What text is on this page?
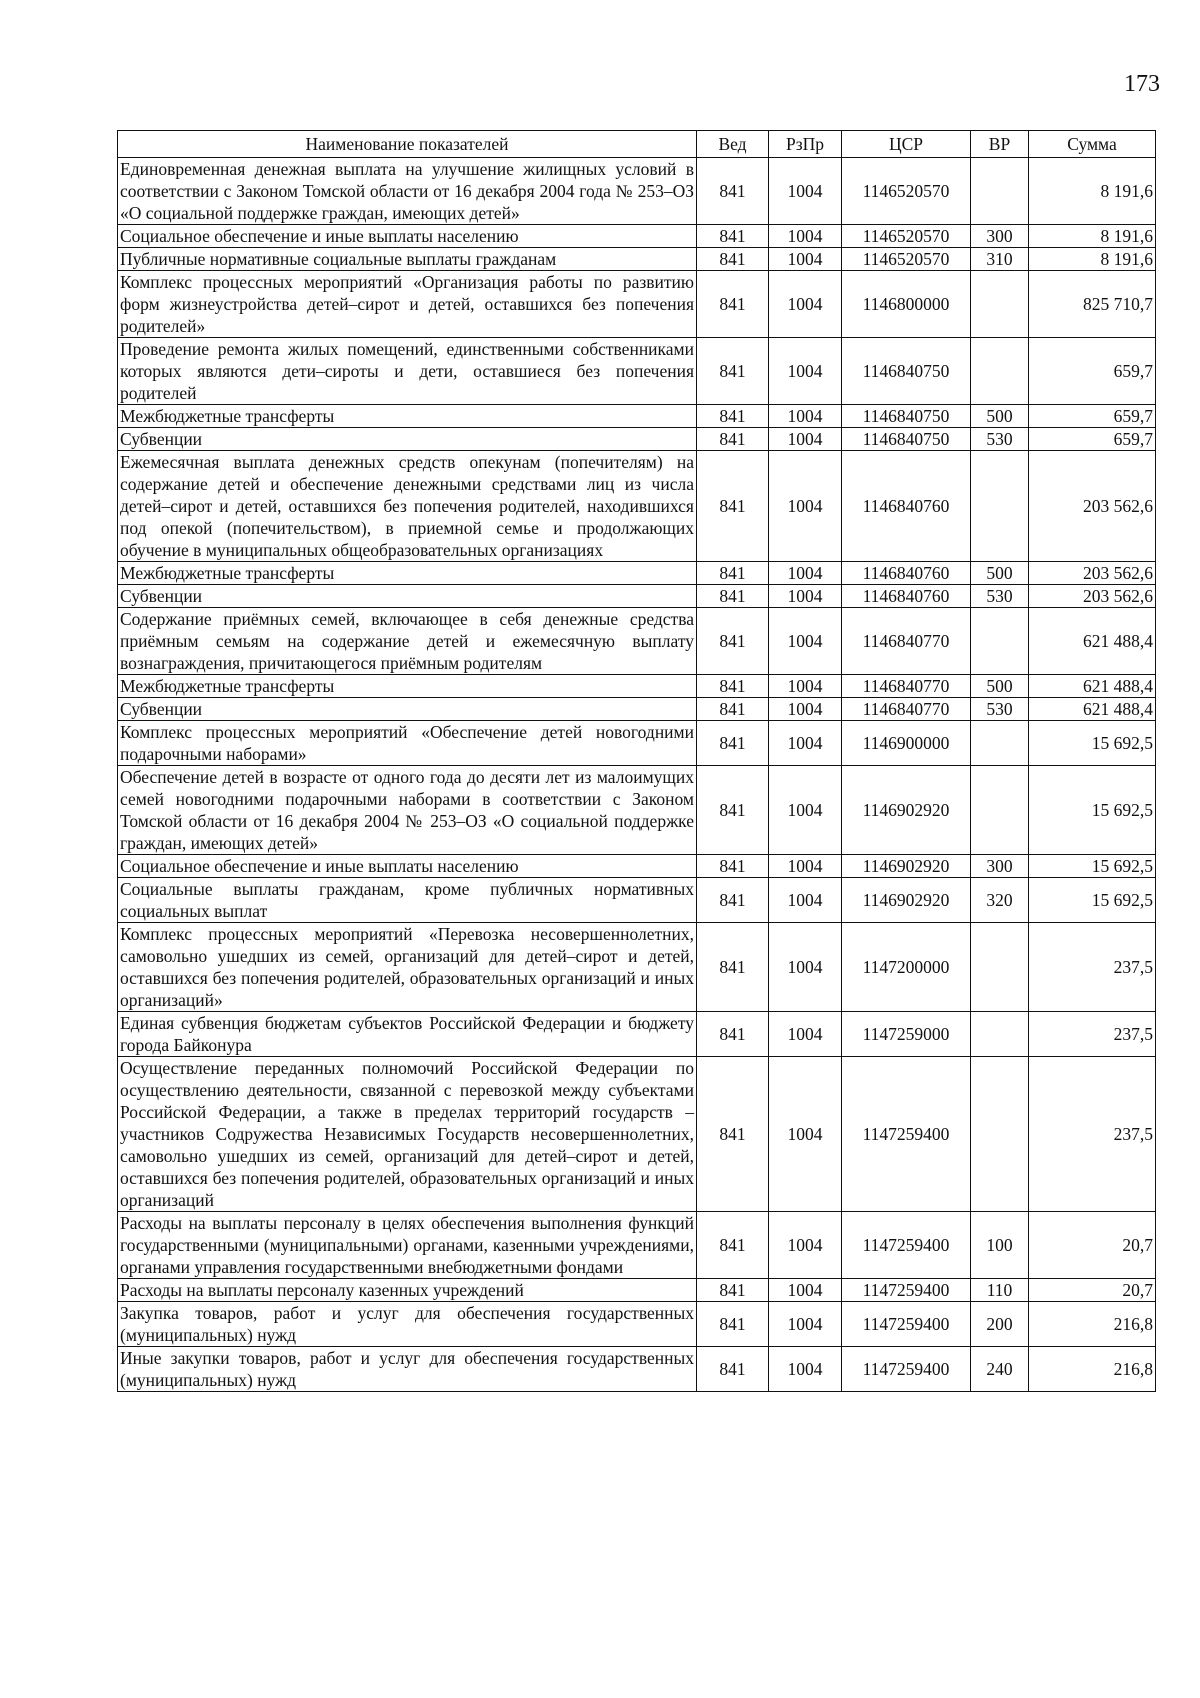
173
Наименование показателей	Вед	РзПр	ЦСР	ВР	Сумма
Единовременная денежная выплата на улучшение жилищных условий в соответствии с Законом Томской области от 16 декабря 2004 года № 253–ОЗ «О социальной поддержке граждан, имеющих детей»	841	1004	1146520570		8 191,6
Социальное обеспечение и иные выплаты населению	841	1004	1146520570	300	8 191,6
Публичные нормативные социальные выплаты гражданам	841	1004	1146520570	310	8 191,6
Комплекс процессных мероприятий «Организация работы по развитию форм жизнеустройства детей–сирот и детей, оставшихся без попечения родителей»	841	1004	1146800000		825 710,7
Проведение ремонта жилых помещений, единственными собственниками которых являются дети–сироты и дети, оставшиеся без попечения родителей	841	1004	1146840750		659,7
Межбюджетные трансферты	841	1004	1146840750	500	659,7
Субвенции	841	1004	1146840750	530	659,7
Ежемесячная выплата денежных средств опекунам (попечителям) на содержание детей и обеспечение денежными средствами лиц из числа детей–сирот и детей, оставшихся без попечения родителей, находившихся под опекой (попечительством), в приемной семье и продолжающих обучение в муниципальных общеобразовательных организациях	841	1004	1146840760		203 562,6
Межбюджетные трансферты	841	1004	1146840760	500	203 562,6
Субвенции	841	1004	1146840760	530	203 562,6
Содержание приёмных семей, включающее в себя денежные средства приёмным семьям на содержание детей и ежемесячную выплату вознаграждения, причитающегося приёмным родителям	841	1004	1146840770		621 488,4
Межбюджетные трансферты	841	1004	1146840770	500	621 488,4
Субвенции	841	1004	1146840770	530	621 488,4
Комплекс процессных мероприятий «Обеспечение детей новогодними подарочными наборами»	841	1004	1146900000		15 692,5
Обеспечение детей в возрасте от одного года до десяти лет из малоимущих семей новогодними подарочными наборами в соответствии с Законом Томской области от 16 декабря 2004 № 253–ОЗ «О социальной поддержке граждан, имеющих детей»	841	1004	1146902920		15 692,5
Социальное обеспечение и иные выплаты населению	841	1004	1146902920	300	15 692,5
Социальные выплаты гражданам, кроме публичных нормативных социальных выплат	841	1004	1146902920	320	15 692,5
Комплекс процессных мероприятий «Перевозка несовершеннолетних, самовольно ушедших из семей, организаций для детей–сирот и детей, оставшихся без попечения родителей, образовательных организаций и иных организаций»	841	1004	1147200000		237,5
Единая субвенция бюджетам субъектов Российской Федерации и бюджету города Байконура	841	1004	1147259000		237,5
Осуществление переданных полномочий Российской Федерации по осуществлению деятельности, связанной с перевозкой между субъектами Российской Федерации, а также в пределах территорий государств – участников Содружества Независимых Государств несовершеннолетних, самовольно ушедших из семей, организаций для детей–сирот и детей, оставшихся без попечения родителей, образовательных организаций и иных организаций	841	1004	1147259400		237,5
Расходы на выплаты персоналу в целях обеспечения выполнения функций государственными (муниципальными) органами, казенными учреждениями, органами управления государственными внебюджетными фондами	841	1004	1147259400	100	20,7
Расходы на выплаты персоналу казенных учреждений	841	1004	1147259400	110	20,7
Закупка товаров, работ и услуг для обеспечения государственных (муниципальных) нужд	841	1004	1147259400	200	216,8
Иные закупки товаров, работ и услуг для обеспечения государственных (муниципальных) нужд	841	1004	1147259400	240	216,8
